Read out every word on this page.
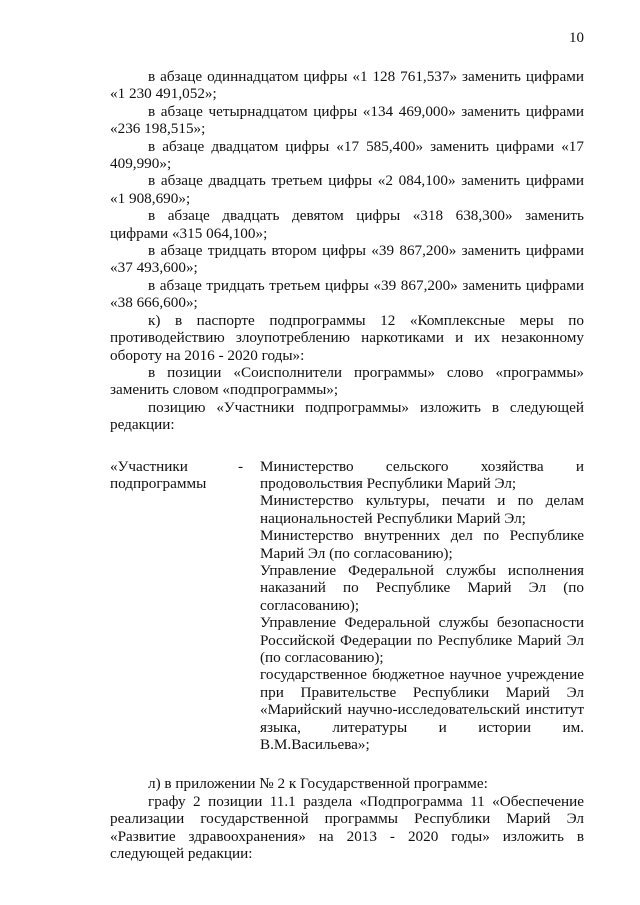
10

в абзаце одиннадцатом цифры «1 128 761,537» заменить цифрами «1 230 491,052»;

в абзаце четырнадцатом цифры «134 469,000» заменить цифрами «236 198,515»;

в абзаце двадцатом цифры «17 585,400» заменить цифрами «17 409,990»;

в абзаце двадцать третьем цифры «2 084,100» заменить цифрами «1 908,690»;

в абзаце двадцать девятом цифры «318 638,300» заменить цифрами «315 064,100»;

в абзаце тридцать втором цифры «39 867,200» заменить цифрами «37 493,600»;

в абзаце тридцать третьем цифры «39 867,200» заменить цифрами «38 666,600»;

к) в паспорте подпрограммы 12 «Комплексные меры по противодействию злоупотреблению наркотиками и их незаконному обороту на 2016 - 2020 годы»:

в позиции «Соисполнители программы» слово «программы» заменить словом «подпрограммы»;

позицию «Участники подпрограммы» изложить в следующей редакции:

«Участники подпрограммы
-	Министерство сельского хозяйства и продовольствия Республики Марий Эл;

Министерство культуры, печати и по делам национальностей Республики Марий Эл;

Министерство внутренних дел по Республике Марий Эл (по согласованию);

Управление Федеральной службы исполнения наказаний по Республике Марий Эл (по согласованию);

Управление Федеральной службы безопасности Российской Федерации по Республике Марий Эл (по согласованию);

государственное бюджетное научное учреждение при Правительстве Республики Марий Эл «Марийский научно-исследовательский институт языка, литературы и истории им. В.М.Васильева»;

л) в приложении № 2 к Государственной программе:

графу 2 позиции 11.1 раздела «Подпрограмма 11 «Обеспечение реализации государственной программы Республики Марий Эл «Развитие здравоохранения» на 2013 - 2020 годы» изложить в следующей редакции:
